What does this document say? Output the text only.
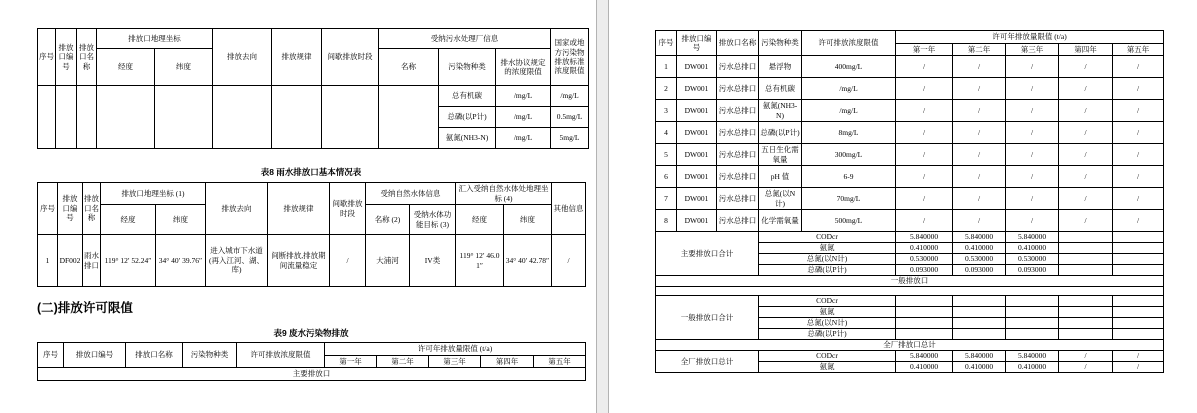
序号	排放口编号	排放口名称	排放口地理坐标		排放去向	排放规律	间歇排放时段	受纳污水处理厂信息			国家或地方污染物排放标准浓度限值
			经度	纬度				名称	污染物种类	排水协议规定的浓度限值	
									总有机碳	/mg/L	/mg/L
									总磷(以P计)	/mg/L	0.5mg/L
									氨氮(NH3-N)	/mg/L	5mg/L
表8 雨水排放口基本情况表
序号	排放口编号	排放口名称	排放口地理坐标 (1)		排放去向	排放规律	间歇排放时段	受纳自然水体信息		汇入受纳自然水体处地理坐标 (4)		其他信息
			经度	纬度				名称 (2)	受纳水体功能目标 (3)	经度	纬度	
1	DF002	雨水排口	119° 12′ 52.24″	34° 40′ 39.76″	进入城市下水道(再入江河、湖、库)	间断排放,排放期间流量稳定	/	大浦河	IV类	119° 12′ 46.01″	34° 40′ 42.78″	/
(二)排放许可限值
表9 废水污染物排放
序号	排放口编号	排放口名称	污染物种类	许可排放浓度限值	许可年排放量限值 (t/a)				
					第一年	第二年	第三年	第四年	第五年
主要排放口									
序号	排放口编号	排放口名称	污染物种类	许可排放浓度限值	许可年排放量限值 (t/a)				
					第一年	第二年	第三年	第四年	第五年
1	DW001	污水总排口	悬浮物	400mg/L	/	/	/	/	/
2	DW001	污水总排口	总有机碳	/mg/L	/	/	/	/	/
3	DW001	污水总排口	氨氮(NH3-N)	/mg/L	/	/	/	/	/
4	DW001	污水总排口	总磷(以P计)	8mg/L	/	/	/	/	/
5	DW001	污水总排口	五日生化需氧量	300mg/L	/	/	/	/	/
6	DW001	污水总排口	pH 值	6-9	/	/	/	/	/
7	DW001	污水总排口	总氮(以N计)	70mg/L	/	/	/	/	/
8	DW001	污水总排口	化学需氧量	500mg/L	/	/	/	/	/
主要排放口合计			CODcr		5.840000	5.840000	5.840000		
			氨氮		0.410000	0.410000	0.410000		
			总氮(以N计)		0.530000	0.530000	0.530000		
			总磷(以P计)		0.093000	0.093000	0.093000		
一般排放口									

一般排放口合计			CODcr						
			氨氮						
			总氮(以N计)						
			总磷(以P计)						
全厂排放口总计									
全厂排放口总计			CODcr		5.840000	5.840000	5.840000	/	/
			氨氮		0.410000	0.410000	0.410000	/	/
